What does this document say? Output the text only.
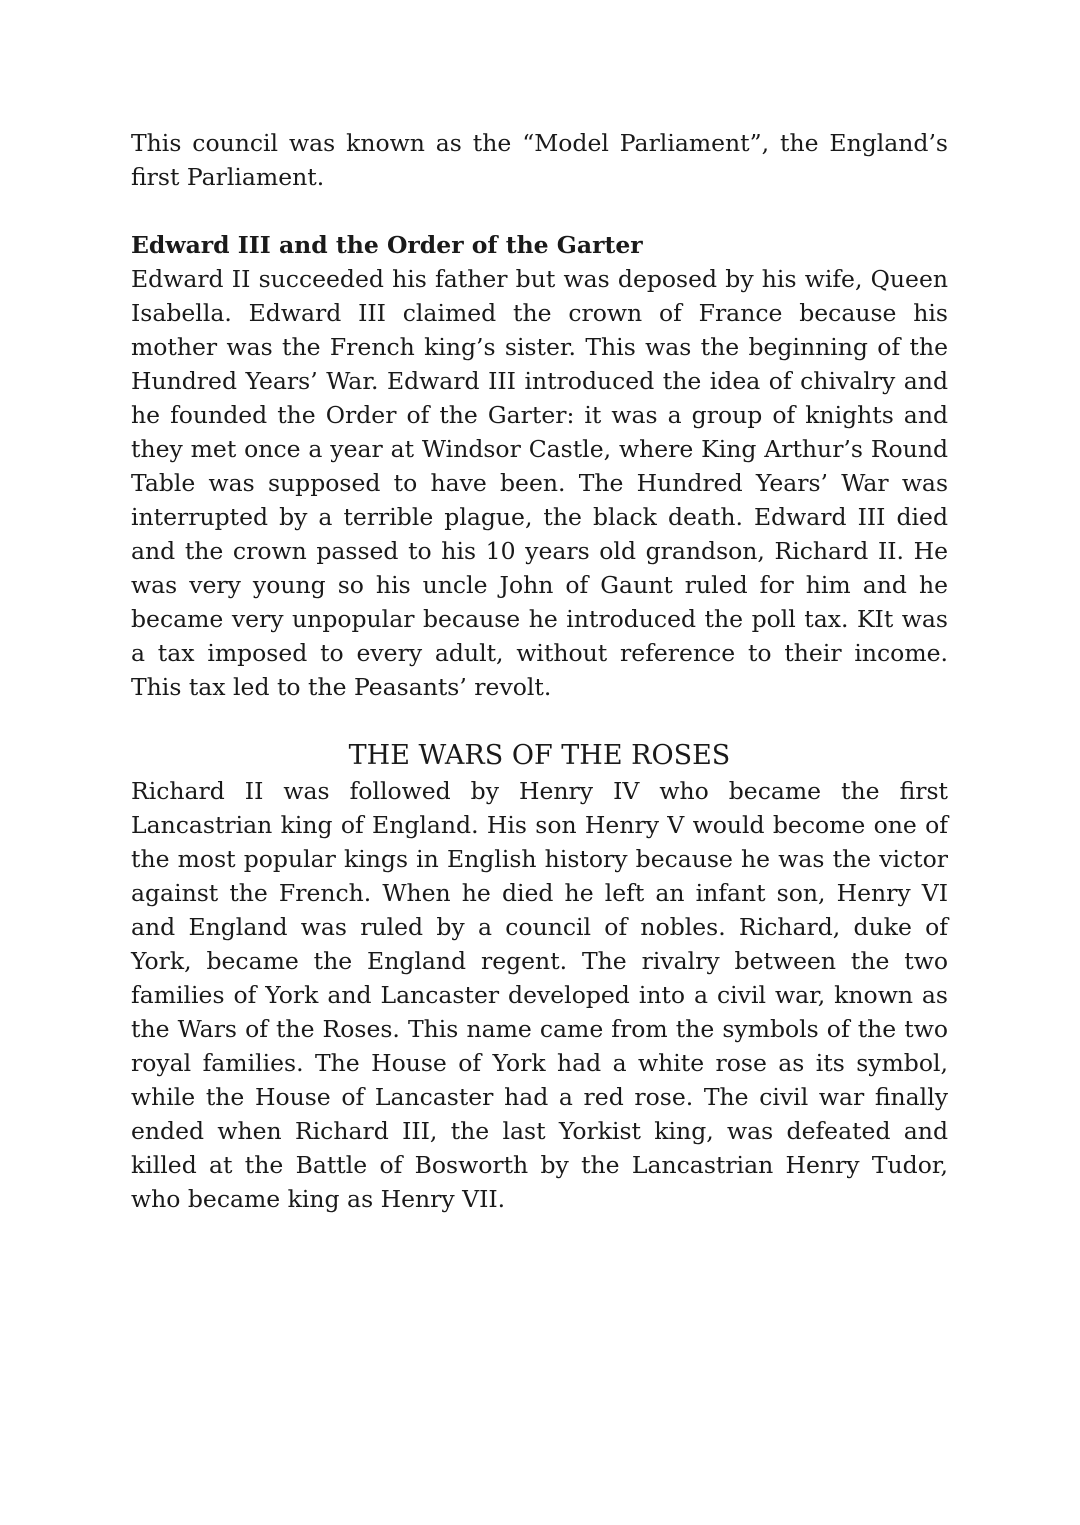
This council was known as the “Model Parliament”, the England’s first Parliament.

Edward III and the Order of the Garter

Edward II succeeded his father but was deposed by his wife, Queen Isabella. Edward III claimed the crown of France because his mother was the French king’s sister. This was the beginning of the Hundred Years’ War. Edward III introduced the idea of chivalry and he founded the Order of the Garter: it was a group of knights and they met once a year at Windsor Castle, where King Arthur’s Round Table was supposed to have been. The Hundred Years’ War was interrupted by a terrible plague, the black death. Edward III died and the crown passed to his 10 years old grandson, Richard II. He was very young so his uncle John of Gaunt ruled for him and he became very unpopular because he introduced the poll tax. KIt was a tax imposed to every adult, without reference to their income. This tax led to the Peasants’ revolt.

THE WARS OF THE ROSES

Richard II was followed by Henry IV who became the first Lancastrian king of England. His son Henry V would become one of the most popular kings in English history because he was the victor against the French. When he died he left an infant son, Henry VI and England was ruled by a council of nobles. Richard, duke of York, became the England regent. The rivalry between the two families of York and Lancaster developed into a civil war, known as the Wars of the Roses. This name came from the symbols of the two royal families. The House of York had a white rose as its symbol, while the House of Lancaster had a red rose. The civil war finally ended when Richard III, the last Yorkist king, was defeated and killed at the Battle of Bosworth by the Lancastrian Henry Tudor, who became king as Henry VII.
